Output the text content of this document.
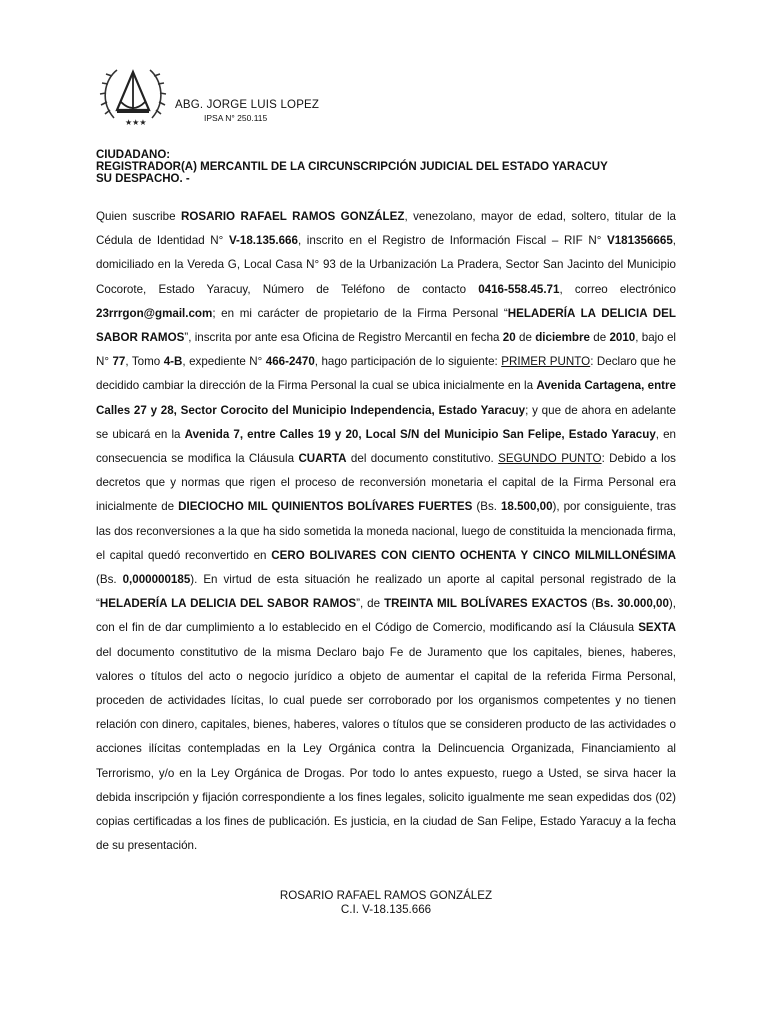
★★★
ABG. JORGE LUIS LOPEZ
IPSA N° 250.115
CIUDADANO:
REGISTRADOR(A) MERCANTIL DE LA CIRCUNSCRIPCIÓN JUDICIAL DEL ESTADO YARACUY
SU DESPACHO. -

Quien suscribe ROSARIO RAFAEL RAMOS GONZÁLEZ, venezolano, mayor de edad, soltero, titular de la Cédula de Identidad N° V-18.135.666, inscrito en el Registro de Información Fiscal – RIF N° V181356665, domiciliado en la Vereda G, Local Casa N° 93 de la Urbanización La Pradera, Sector San Jacinto del Municipio Cocorote, Estado Yaracuy, Número de Teléfono de contacto 0416-558.45.71, correo electrónico 23rrrgon@gmail.com; en mi carácter de propietario de la Firma Personal “HELADERÍA LA DELICIA DEL SABOR RAMOS”, inscrita por ante esa Oficina de Registro Mercantil en fecha 20 de diciembre de 2010, bajo el N° 77, Tomo 4-B, expediente N° 466-2470, hago participación de lo siguiente: PRIMER PUNTO: Declaro que he decidido cambiar la dirección de la Firma Personal la cual se ubica inicialmente en la Avenida Cartagena, entre Calles 27 y 28, Sector Corocito del Municipio Independencia, Estado Yaracuy; y que de ahora en adelante se ubicará en la Avenida 7, entre Calles 19 y 20, Local S/N del Municipio San Felipe, Estado Yaracuy, en consecuencia se modifica la Cláusula CUARTA del documento constitutivo. SEGUNDO PUNTO: Debido a los decretos que y normas que rigen el proceso de reconversión monetaria el capital de la Firma Personal era inicialmente de DIECIOCHO MIL QUINIENTOS BOLÍVARES FUERTES (Bs. 18.500,00), por consiguiente, tras las dos reconversiones a la que ha sido sometida la moneda nacional, luego de constituida la mencionada firma, el capital quedó reconvertido en CERO BOLIVARES CON CIENTO OCHENTA Y CINCO MILMILLONÉSIMA (Bs. 0,000000185). En virtud de esta situación he realizado un aporte al capital personal registrado de la “HELADERÍA LA DELICIA DEL SABOR RAMOS”, de TREINTA MIL BOLÍVARES EXACTOS (Bs. 30.000,00), con el fin de dar cumplimiento a lo establecido en el Código de Comercio, modificando así la Cláusula SEXTA del documento constitutivo de la misma Declaro bajo Fe de Juramento que los capitales, bienes, haberes, valores o títulos del acto o negocio jurídico a objeto de aumentar el capital de la referida Firma Personal, proceden de actividades lícitas, lo cual puede ser corroborado por los organismos competentes y no tienen relación con dinero, capitales, bienes, haberes, valores o títulos que se consideren producto de las actividades o acciones ilícitas contempladas en la Ley Orgánica contra la Delincuencia Organizada, Financiamiento al Terrorismo, y/o en la Ley Orgánica de Drogas. Por todo lo antes expuesto, ruego a Usted, se sirva hacer la debida inscripción y fijación correspondiente a los fines legales, solicito igualmente me sean expedidas dos (02) copias certificadas a los fines de publicación. Es justicia, en la ciudad de San Felipe, Estado Yaracuy a la fecha de su presentación.

ROSARIO RAFAEL RAMOS GONZÁLEZ
C.I. V-18.135.666
